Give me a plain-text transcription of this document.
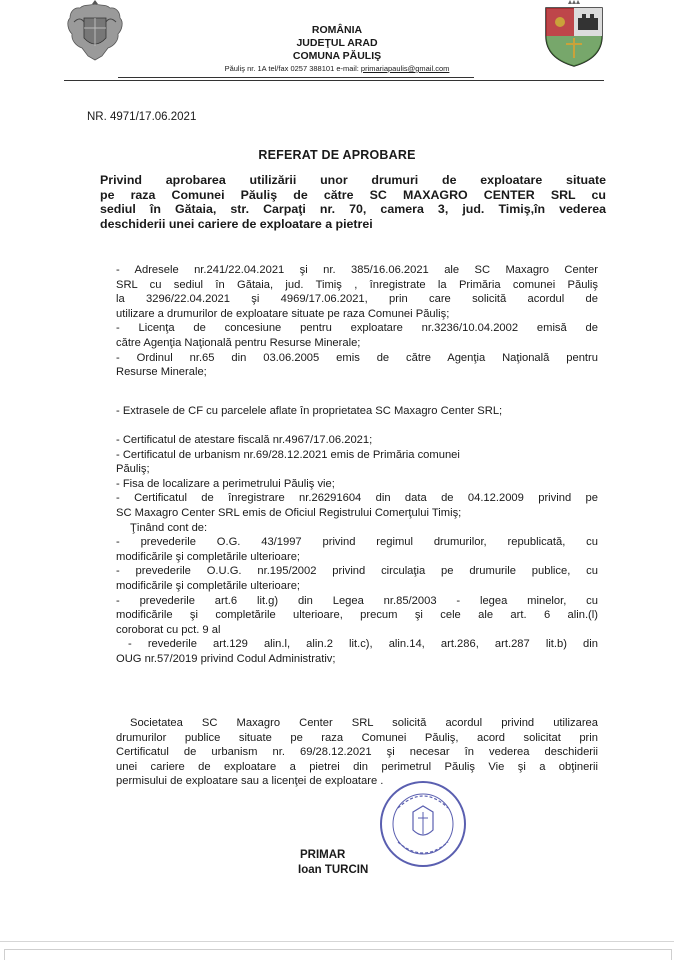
ROMÂNIA
JUDEŢUL ARAD
COMUNA PĂULIŞ
Păuliş nr. 1A tel/fax 0257 388101 e-mail: primariapaulis@gmail.com
NR. 4971/17.06.2021
REFERAT DE APROBARE
Privind aprobarea utilizării unor drumuri de exploatare situate
pe raza Comunei Păuliş de către SC MAXAGRO CENTER SRL cu
sediul în Gătaia, str. Carpaţi nr. 70, camera 3, jud. Timiş,în vederea
deschiderii unei cariere de exploatare a pietrei
- Adresele nr.241/22.04.2021 şi nr. 385/16.06.2021 ale SC Maxagro Center
SRL cu sediul în Gătaia, jud. Timiş , înregistrate la Primăria comunei Păuliş
la 3296/22.04.2021 şi 4969/17.06.2021, prin care solicită acordul de
utilizare a drumurilor de exploatare situate pe raza Comunei Păuliş;
- Licenţa de concesiune pentru exploatare nr.3236/10.04.2002 emisă de
către Agenţia Naţională pentru Resurse Minerale;
- Ordinul nr.65 din 03.06.2005 emis de către Agenţia Naţională pentru
Resurse Minerale;
- Extrasele de CF cu parcelele aflate în proprietatea SC Maxagro Center SRL;
- Certificatul de atestare fiscală nr.4967/17.06.2021;
- Certificatul de urbanism nr.69/28.12.2021 emis de Primăria comunei
Păuliş;
- Fisa de localizare a perimetrului Păuliş vie;
- Certificatul de înregistrare nr.26291604 din data de 04.12.2009 privind pe
SC Maxagro Center SRL emis de Oficiul Registrului Comerţului Timiş;
Ţinând cont de:
- prevederile O.G. 43/1997 privind regimul drumurilor, republicată, cu
modificările şi completările ulterioare;
- prevederile O.U.G. nr.195/2002 privind circulaţia pe drumurile publice, cu
modificările şi completările ulterioare;
- prevederile art.6 lit.g) din Legea nr.85/2003 - legea minelor, cu
modificările şi completările ulterioare, precum şi cele ale art. 6 alin.(l)
coroborat cu pct. 9 al
- revederile art.129 alin.l, alin.2 lit.c), alin.14, art.286, art.287 lit.b) din
OUG nr.57/2019 privind Codul Administrativ;
Societatea SC Maxagro Center SRL solicită acordul privind utilizarea
drumurilor publice situate pe raza Comunei Păuliş, acord solicitat prin
Certificatul de urbanism nr. 69/28.12.2021 şi necesar în vederea deschiderii
unei cariere de exploatare a pietrei din perimetrul Păuliş Vie şi a obţinerii
permisului de exploatare sau a licenţei de exploatare .
PRIMAR
Ioan TURCIN
